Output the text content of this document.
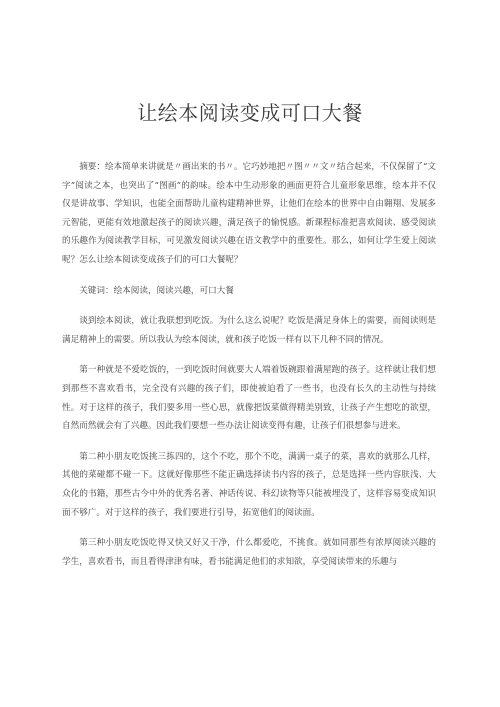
让绘本阅读变成可口大餐

摘要：绘本简单来讲就是〃画出来的书〃。它巧妙地把〃图〃〃文〃结合起来，不仅保留了“文字”阅读之本，也突出了“图画”的韵味。绘本中生动形象的画面更符合儿童形象思维，绘本并不仅仅是讲故事、学知识，也能全面帮助儿童构建精神世界，让他们在绘本的世界中自由翱翔、发展多元智能，更能有效地激起孩子的阅读兴趣，满足孩子的愉悦感。新课程标准把喜欢阅读、感受阅读的乐趣作为阅读教学目标，可见激发阅读兴趣在语文教学中的重要性。那么，如何让学生爱上阅读呢？怎么让绘本阅读变成孩子们的可口大餐呢？

关键词：绘本阅读，阅读兴趣，可口大餐

谈到绘本阅读，就让我联想到吃饭。为什么这么说呢？吃饭是满足身体上的需要，而阅读则是满足精神上的需要。所以我认为绘本阅读，就和孩子吃饭一样有以下几种不同的情况。

第一种就是不爱吃饭的，一到吃饭时间就要大人端着饭碗跟着满屋跑的孩子。这样就让我们想到那些不喜欢看书，完全没有兴趣的孩子们，即使被迫看了一些书，也没有长久的主动性与持续性。对于这样的孩子，我们要多用一些心思，就像把饭菜做得精美别致，让孩子产生想吃的欲望，自然而然就会有了兴趣。因此我们要想一些办法让阅读变得有趣，让孩子们很想参与进来。

第二种小朋友吃饭挑三拣四的，这个不吃，那个不吃，满满一桌子的菜，喜欢的就那么几样，其他的菜碰都不碰一下。这就好像那些不能正确选择读书内容的孩子，总是选择一些内容肤浅、大众化的书籍，那些古今中外的优秀名著、神话传说、科幻读物等只能被埋没了，这样容易变成知识面不够广。对于这样的孩子，我们要进行引导，拓宽他们的阅读面。

第三种小朋友吃饭吃得又快又好又干净，什么都爱吃，不挑食。就如同那些有浓厚阅读兴趣的学生，喜欢看书，而且看得津津有味，看书能满足他们的求知欲，享受阅读带来的乐趣与
